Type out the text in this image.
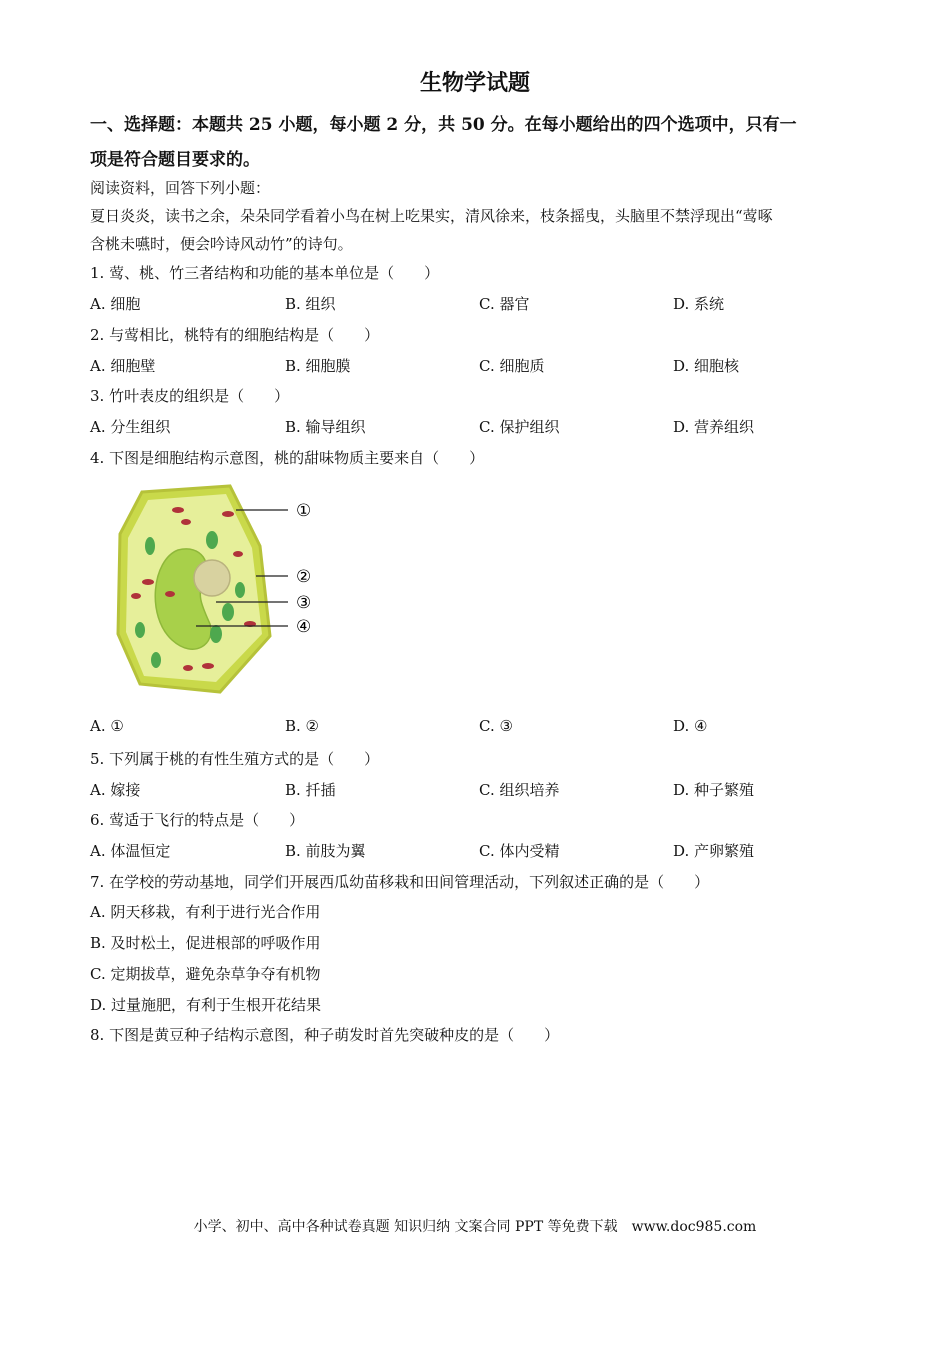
生物学试题
一、选择题：本题共 25 小题，每小题 2 分，共 50 分。在每小题给出的四个选项中，只有一
项是符合题目要求的。
阅读资料，回答下列小题：
夏日炎炎，读书之余，朵朵同学看着小鸟在树上吃果实，清风徐来，枝条摇曳，头脑里不禁浮现出“莺啄
含桃未嚥时，便会吟诗风动竹”的诗句。
1. 莺、桃、竹三者结构和功能的基本单位是（　　）
A. 细胞	B. 组织	C. 器官	D. 系统
2. 与莺相比，桃特有的细胞结构是（　　）
A. 细胞壁	B. 细胞膜	C. 细胞质	D. 细胞核
3. 竹叶表皮的组织是（　　）
A. 分生组织	B. 输导组织	C. 保护组织	D. 营养组织
4. 下图是细胞结构示意图，桃的甜味物质主要来自（　　）
①
②
③
④
A. ①	B. ②	C. ③	D. ④
5. 下列属于桃的有性生殖方式的是（　　）
A. 嫁接	B. 扦插	C. 组织培养	D. 种子繁殖
6. 莺适于飞行的特点是（　　）
A. 体温恒定	B. 前肢为翼	C. 体内受精	D. 产卵繁殖
7. 在学校的劳动基地，同学们开展西瓜幼苗移栽和田间管理活动，下列叙述正确的是（　　）
A. 阴天移栽，有利于进行光合作用
B. 及时松土，促进根部的呼吸作用
C. 定期拔草，避免杂草争夺有机物
D. 过量施肥，有利于生根开花结果
8. 下图是黄豆种子结构示意图，种子萌发时首先突破种皮的是（　　）
小学、初中、高中各种试卷真题 知识归纳 文案合同 PPT 等免费下载　www.doc985.com
